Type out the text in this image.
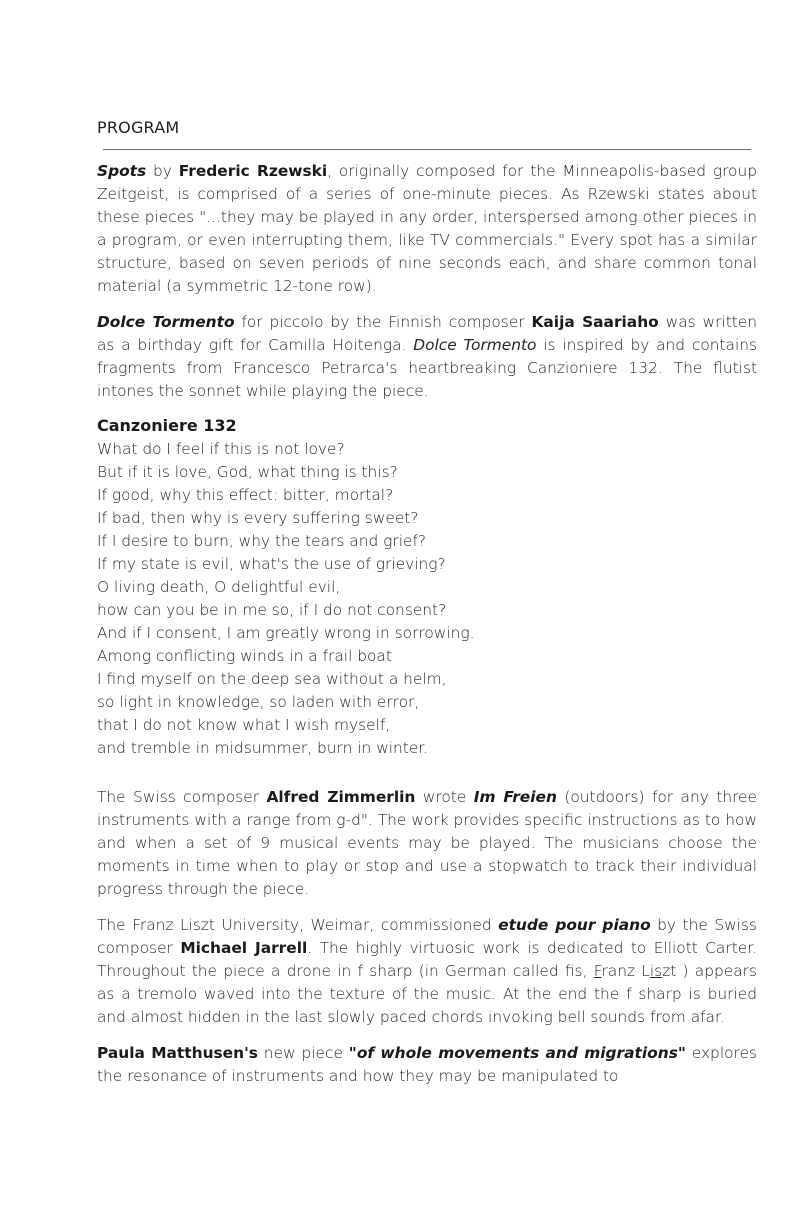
PROGRAM

Spots by Frederic Rzewski, originally composed for the Minneapolis-based group Zeitgeist, is comprised of a series of one-minute pieces. As Rzewski states about these pieces "...they may be played in any order, interspersed among other pieces in a program, or even interrupting them, like TV commercials." Every spot has a similar structure, based on seven periods of nine seconds each, and share common tonal material (a symmetric 12-tone row).

Dolce Tormento for piccolo by the Finnish composer Kaija Saariaho was written as a birthday gift for Camilla Hoitenga. Dolce Tormento is inspired by and contains fragments from Francesco Petrarca's heartbreaking Canzioniere 132. The flutist intones the sonnet while playing the piece.

Canzoniere 132
What do I feel if this is not love?
But if it is love, God, what thing is this?
If good, why this effect: bitter, mortal?
If bad, then why is every suffering sweet?
If I desire to burn, why the tears and grief?
If my state is evil, what's the use of grieving?
O living death, O delightful evil,
how can you be in me so, if I do not consent?
And if I consent, I am greatly wrong in sorrowing.
Among conflicting winds in a frail boat
I find myself on the deep sea without a helm,
so light in knowledge, so laden with error,
that I do not know what I wish myself,
and tremble in midsummer, burn in winter.

The Swiss composer Alfred Zimmerlin wrote Im Freien (outdoors) for any three instruments with a range from g-d". The work provides specific instructions as to how and when a set of 9 musical events may be played. The musicians choose the moments in time when to play or stop and use a stopwatch to track their individual progress through the piece.

The Franz Liszt University, Weimar, commissioned etude pour piano by the Swiss composer Michael Jarrell. The highly virtuosic work is dedicated to Elliott Carter. Throughout the piece a drone in f sharp (in German called fis, Franz Liszt ) appears as a tremolo waved into the texture of the music. At the end the f sharp is buried and almost hidden in the last slowly paced chords invoking bell sounds from afar.

Paula Matthusen's new piece "of whole movements and migrations" explores the resonance of instruments and how they may be manipulated to
